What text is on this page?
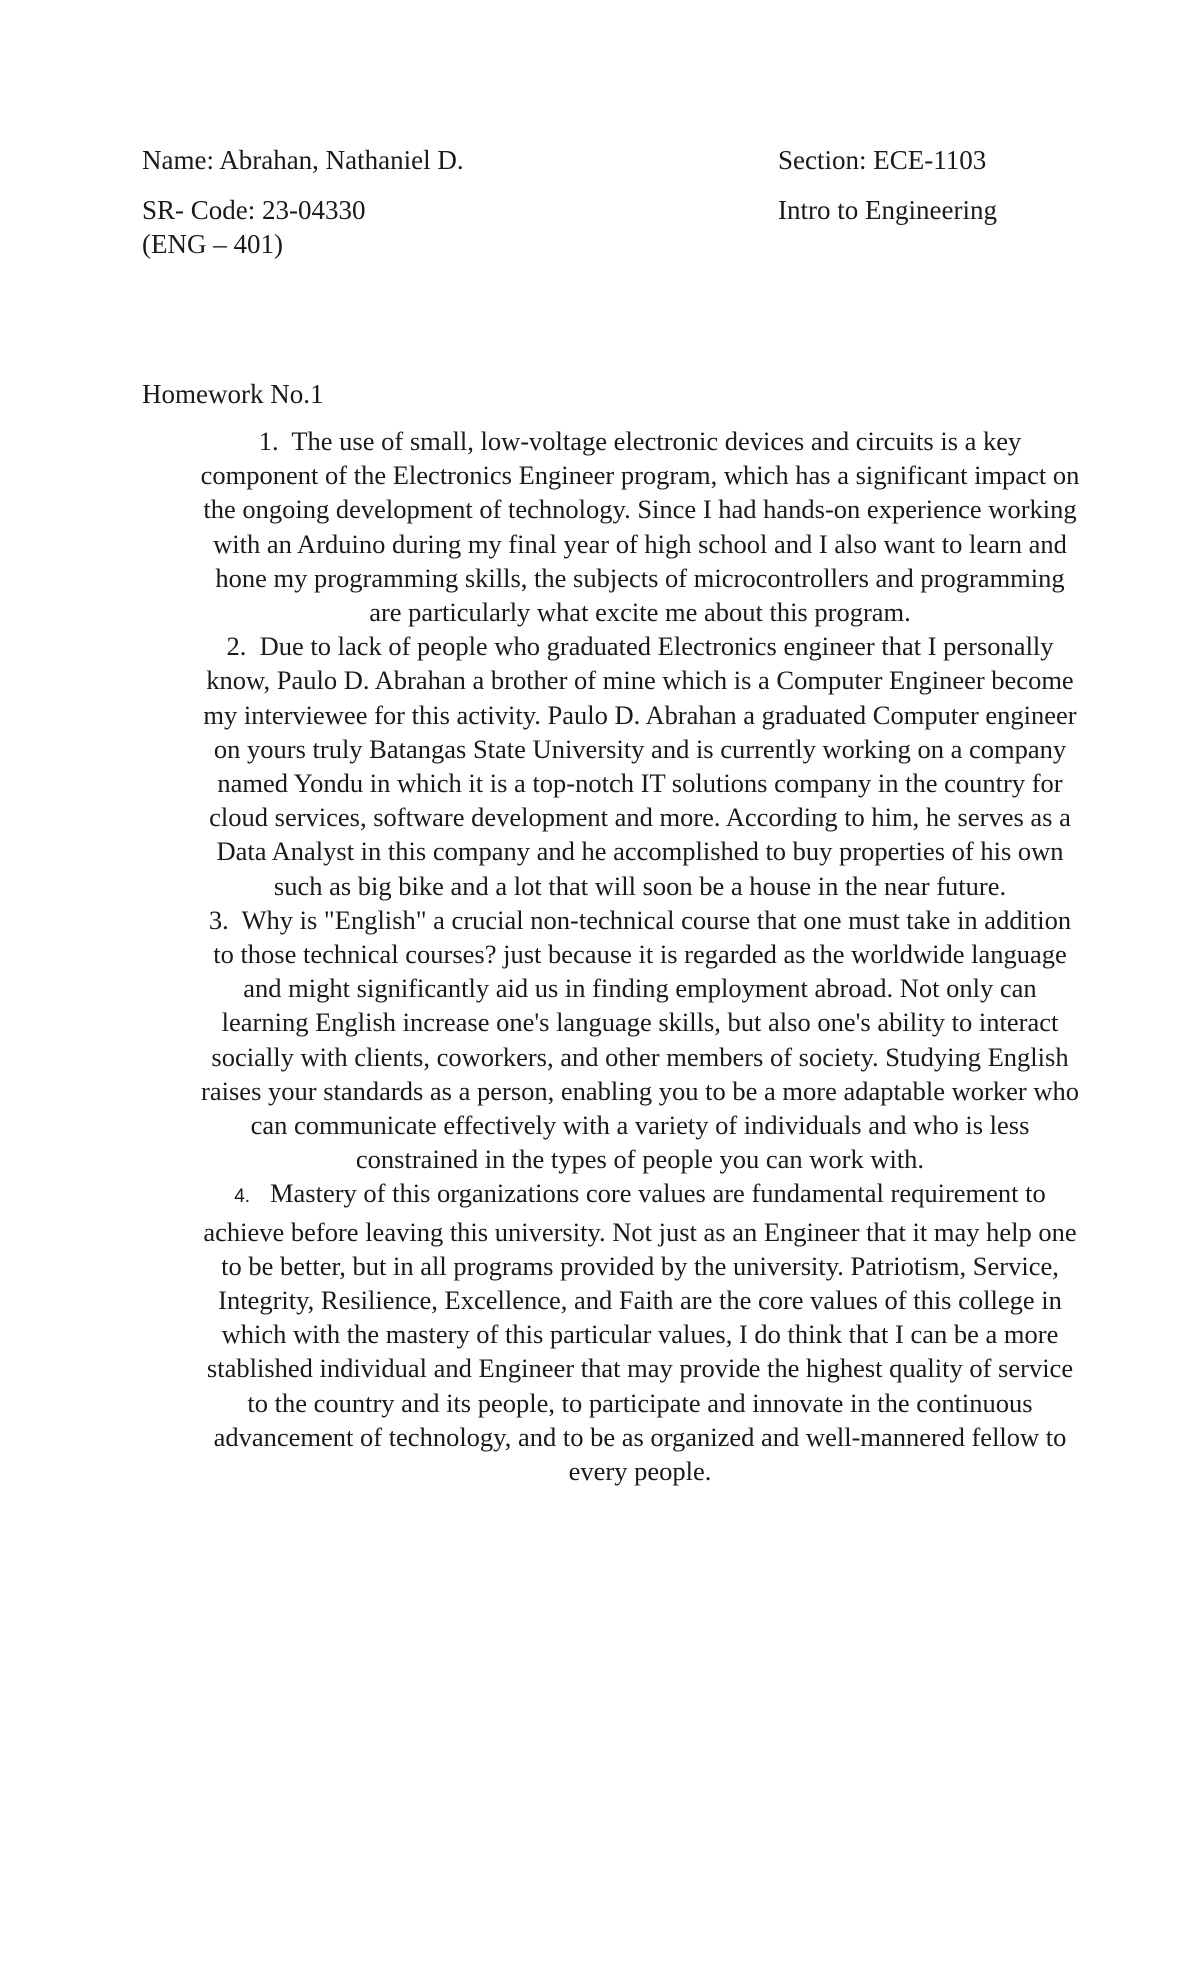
Name: Abrahan, Nathaniel D.	Section: ECE-1103
SR- Code: 23-04330	Intro to Engineering
(ENG – 401)
Homework No.1
1. The use of small, low-voltage electronic devices and circuits is a key component of the Electronics Engineer program, which has a significant impact on the ongoing development of technology. Since I had hands-on experience working with an Arduino during my final year of high school and I also want to learn and hone my programming skills, the subjects of microcontrollers and programming are particularly what excite me about this program.
2. Due to lack of people who graduated Electronics engineer that I personally know, Paulo D. Abrahan a brother of mine which is a Computer Engineer become my interviewee for this activity. Paulo D. Abrahan a graduated Computer engineer on yours truly Batangas State University and is currently working on a company named Yondu in which it is a top-notch IT solutions company in the country for cloud services, software development and more. According to him, he serves as a Data Analyst in this company and he accomplished to buy properties of his own such as big bike and a lot that will soon be a house in the near future.
3. Why is "English" a crucial non-technical course that one must take in addition to those technical courses? just because it is regarded as the worldwide language and might significantly aid us in finding employment abroad. Not only can learning English increase one's language skills, but also one's ability to interact socially with clients, coworkers, and other members of society. Studying English raises your standards as a person, enabling you to be a more adaptable worker who can communicate effectively with a variety of individuals and who is less constrained in the types of people you can work with.
4. Mastery of this organizations core values are fundamental requirement to achieve before leaving this university. Not just as an Engineer that it may help one to be better, but in all programs provided by the university. Patriotism, Service, Integrity, Resilience, Excellence, and Faith are the core values of this college in which with the mastery of this particular values, I do think that I can be a more stablished individual and Engineer that may provide the highest quality of service to the country and its people, to participate and innovate in the continuous advancement of technology, and to be as organized and well-mannered fellow to every people.
